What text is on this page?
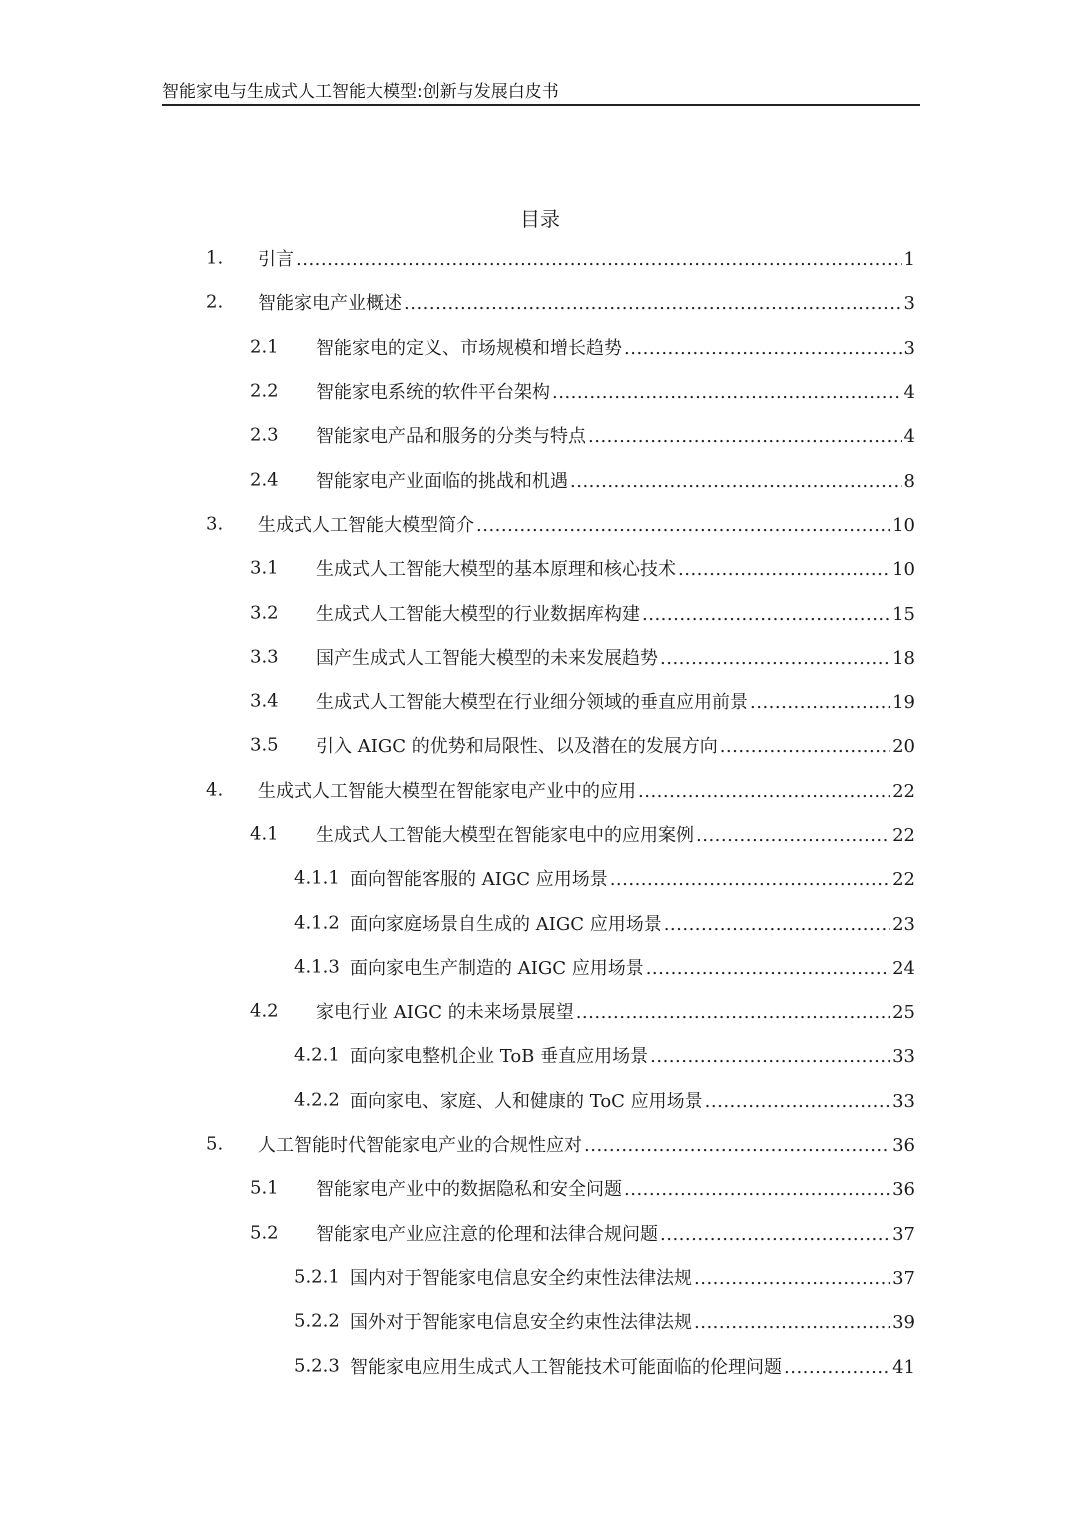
智能家电与生成式人工智能大模型:创新与发展白皮书
目录
1. 引言 .....	1
2. 智能家电产业概述 .....	3
2.1 智能家电的定义、市场规模和增长趋势 .....	3
2.2 智能家电系统的软件平台架构 .....	4
2.3 智能家电产品和服务的分类与特点 .....	4
2.4 智能家电产业面临的挑战和机遇 .....	8
3. 生成式人工智能大模型简介 .....	10
3.1 生成式人工智能大模型的基本原理和核心技术 .....	10
3.2 生成式人工智能大模型的行业数据库构建 .....	15
3.3 国产生成式人工智能大模型的未来发展趋势 .....	18
3.4 生成式人工智能大模型在行业细分领域的垂直应用前景 .....	19
3.5 引入 AIGC 的优势和局限性、以及潜在的发展方向 .....	20
4. 生成式人工智能大模型在智能家电产业中的应用 .....	22
4.1 生成式人工智能大模型在智能家电中的应用案例 .....	22
4.1.1 面向智能客服的 AIGC 应用场景 .....	22
4.1.2 面向家庭场景自生成的 AIGC 应用场景 .....	23
4.1.3 面向家电生产制造的 AIGC 应用场景 .....	24
4.2 家电行业 AIGC 的未来场景展望 .....	25
4.2.1 面向家电整机企业 ToB 垂直应用场景 .....	33
4.2.2 面向家电、家庭、人和健康的 ToC 应用场景 .....	33
5. 人工智能时代智能家电产业的合规性应对 .....	36
5.1 智能家电产业中的数据隐私和安全问题 .....	36
5.2 智能家电产业应注意的伦理和法律合规问题 .....	37
5.2.1 国内对于智能家电信息安全约束性法律法规 .....	37
5.2.2 国外对于智能家电信息安全约束性法律法规 .....	39
5.2.3 智能家电应用生成式人工智能技术可能面临的伦理问题 .....	41
